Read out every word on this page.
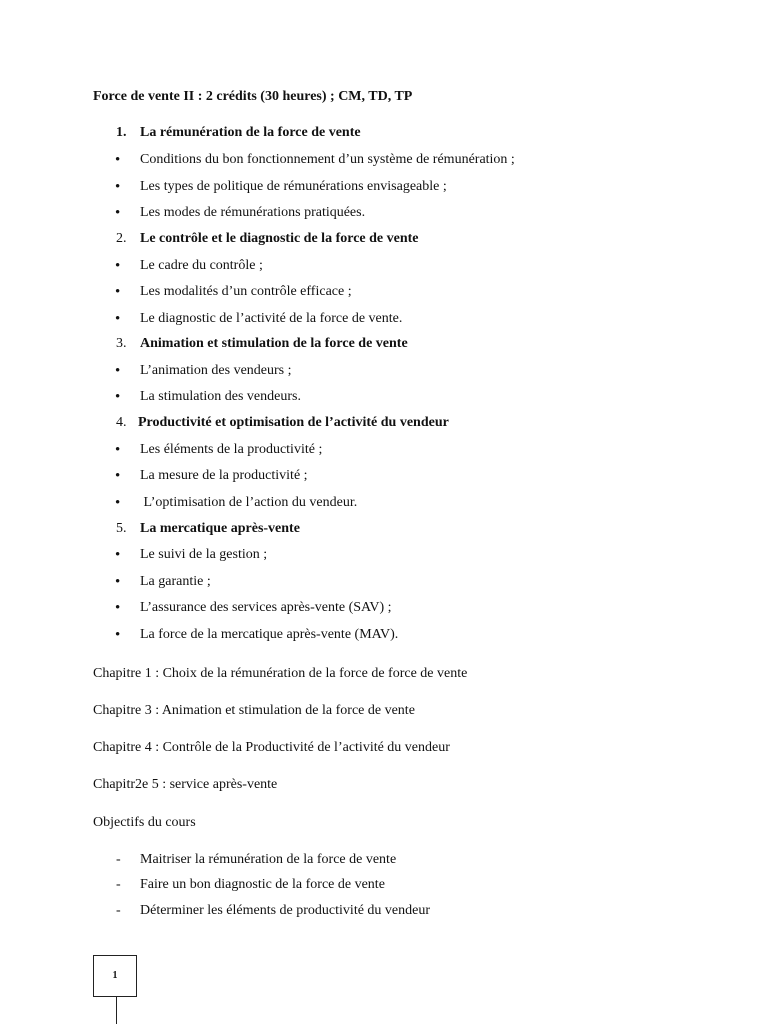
Force de vente II : 2 crédits (30 heures) ; CM, TD, TP
1. La rémunération de la force de vente
• Conditions du bon fonctionnement d’un système de rémunération ;
• Les types de politique de rémunérations envisageable ;
• Les modes de rémunérations pratiquées.
2. Le contrôle et le diagnostic de la force de vente
• Le cadre du contrôle ;
• Les modalités d’un contrôle efficace ;
• Le diagnostic de l’activité de la force de vente.
3. Animation et stimulation de la force de vente
• L’animation des vendeurs ;
• La stimulation des vendeurs.
4. Productivité et optimisation de l’activité du vendeur
• Les éléments de la productivité ;
• La mesure de la productivité ;
• L’optimisation de l’action du vendeur.
5. La mercatique après-vente
• Le suivi de la gestion ;
• La garantie ;
• L’assurance des services après-vente (SAV) ;
• La force de la mercatique après-vente (MAV).
Chapitre 1 : Choix de la rémunération de la force de force de vente
Chapitre 3 : Animation et stimulation de la force de vente
Chapitre 4 : Contrôle de la Productivité de l’activité du vendeur
Chapitr2e 5 : service après-vente
Objectifs du cours
- Maitriser la rémunération de la force de vente
- Faire un bon diagnostic de la force de vente
- Déterminer les éléments de productivité du vendeur
1
